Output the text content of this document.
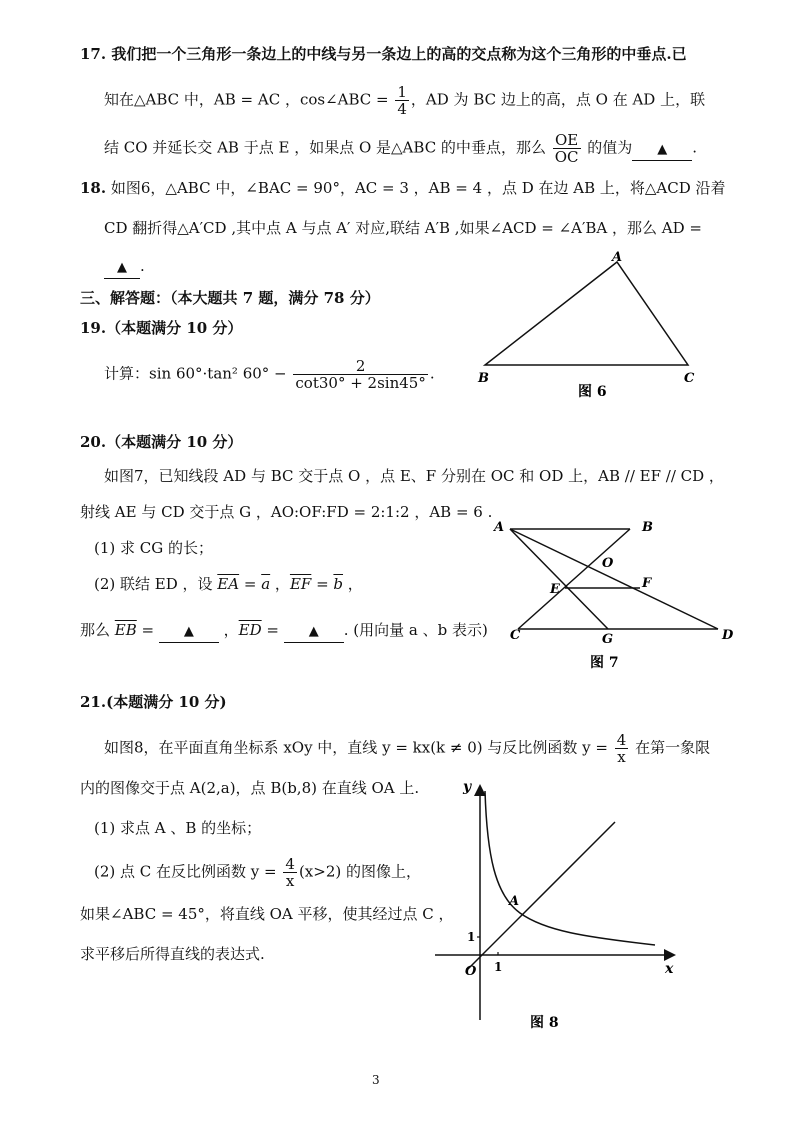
17. 我们把一个三角形一条边上的中线与另一条边上的高的交点称为这个三角形的中垂点.已
知在△ABC 中，AB = AC ，cos∠ABC = $\frac{1}{4}$ ，AD 为 BC 边上的高，点 O 在 AD 上，联
结 CO 并延长交 AB 于点 E ，如果点 O 是△ABC 的中垂点，那么 $\frac{OE}{OC}$ 的值为 ▲ .
18. 如图6，△ABC 中，∠BAC = 90°，AC = 3 ，AB = 4 ，点 D 在边 AB 上，将△ACD 沿着
CD 翻折得△A′CD ,其中点 A 与点 A′ 对应,联结 A′B ,如果∠ACD = ∠A′BA ，那么 AD =
▲ .
三、解答题：（本大题共 7 题，满分 78 分）
19.（本题满分 10 分）
计算：sin 60°·tan² $60^\circ - \frac{2}{\cot 30^\circ + 2\sin 45^\circ}$ .
A
B	C
图 6
20.（本题满分 10 分）
如图7，已知线段 AD 与 BC 交于点 O ，点 E、F 分别在 OC 和 OD 上，AB // EF // CD ，
射线 AE 与 CD 交于点 G ，AO:OF:FD = 2:1:2 ，AB = 6 .
(1) 求 CG 的长；
(2) 联结 ED ，设 $\overline{EA} = \overline{a}$ ，$\overline{EF} = \overline{b}$ ，
那么 $\overline{EB}$ = ▲ ，$\overline{ED}$ = ▲ . (用向量 a 、b 表示)
A	B
O
E	F
C	G	D
图 7
21.(本题满分 10 分)
如图8，在平面直角坐标系 xOy 中，直线 y = kx(k ≠ 0) 与反比例函数 $y = \frac{4}{x}$ 在第一象限
内的图像交于点 A(2,a)，点 B(b,8) 在直线 OA 上.
(1) 求点 A 、B 的坐标；
(2) 点 C 在反比例函数 $y = \frac{4}{x} (x>2)$ 的图像上，
如果∠ABC = 45°，将直线 OA 平移，使其经过点 C ，
求平移后所得直线的表达式.
y
x
O
A
1
1
图 8
3
